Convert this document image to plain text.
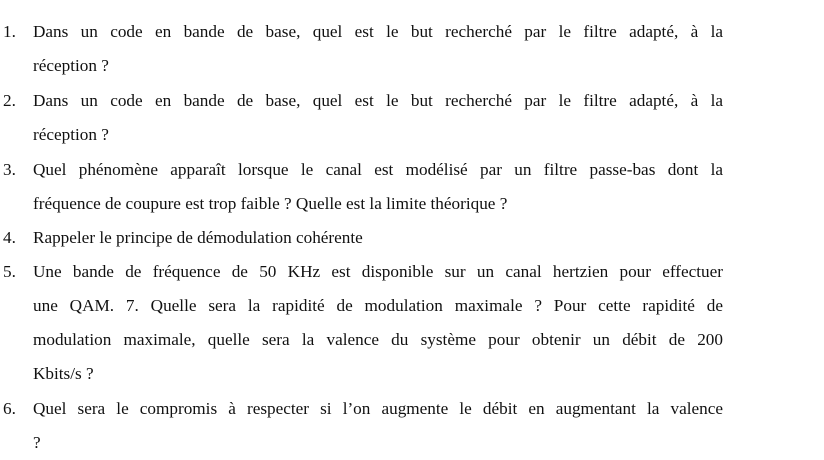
1. Dans un code en bande de base, quel est le but recherché par le filtre adapté, à la
réception ?
2. Dans un code en bande de base, quel est le but recherché par le filtre adapté, à la
réception ?
3. Quel phénomène apparaît lorsque le canal est modélisé par un filtre passe-bas dont la
fréquence de coupure est trop faible ? Quelle est la limite théorique ?
4. Rappeler le principe de démodulation cohérente
5. Une bande de fréquence de 50 KHz est disponible sur un canal hertzien pour effectuer
une QAM. 7. Quelle sera la rapidité de modulation maximale ? Pour cette rapidité de
modulation maximale, quelle sera la valence du système pour obtenir un débit de 200
Kbits/s ?
6. Quel sera le compromis à respecter si l’on augmente le débit en augmentant la valence
?
